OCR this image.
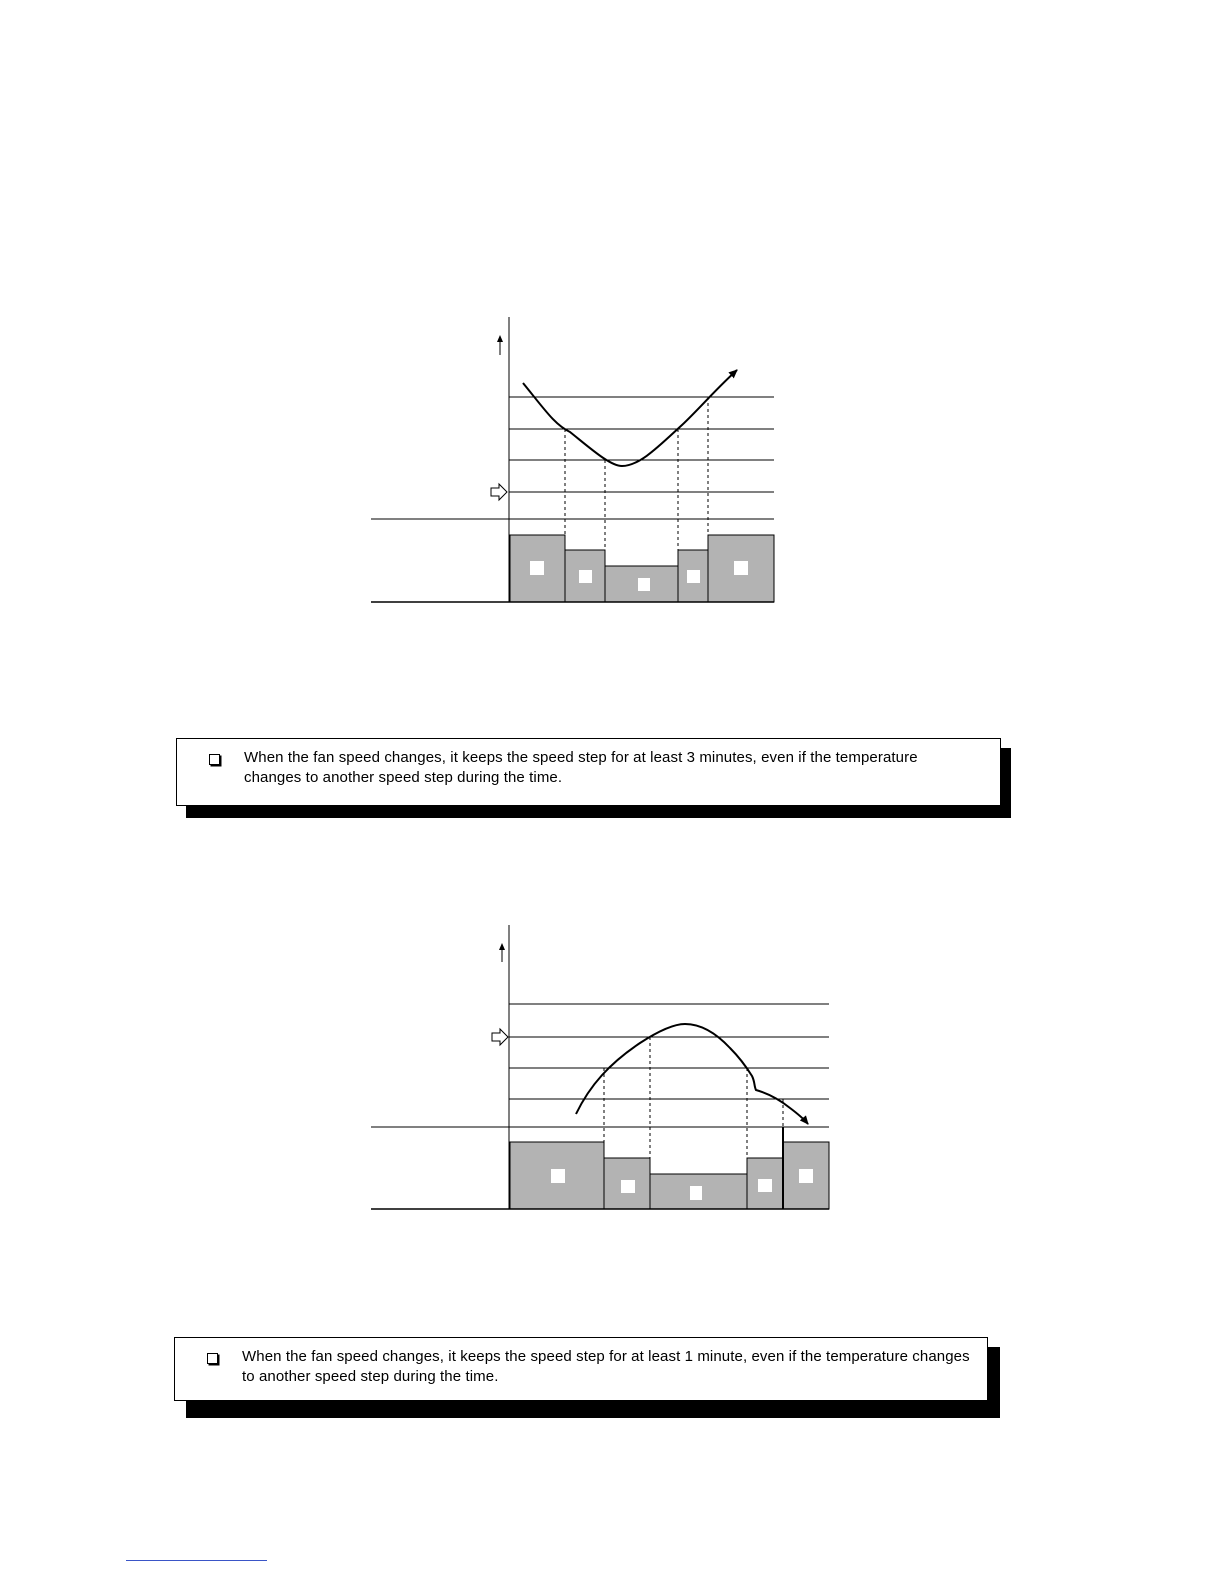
When the fan speed changes, it keeps the speed step for at least 3 minutes, even if the temperature changes to another speed step during the time.
When the fan speed changes, it keeps the speed step for at least 1 minute, even if the temperature changes to another speed step during the time.
